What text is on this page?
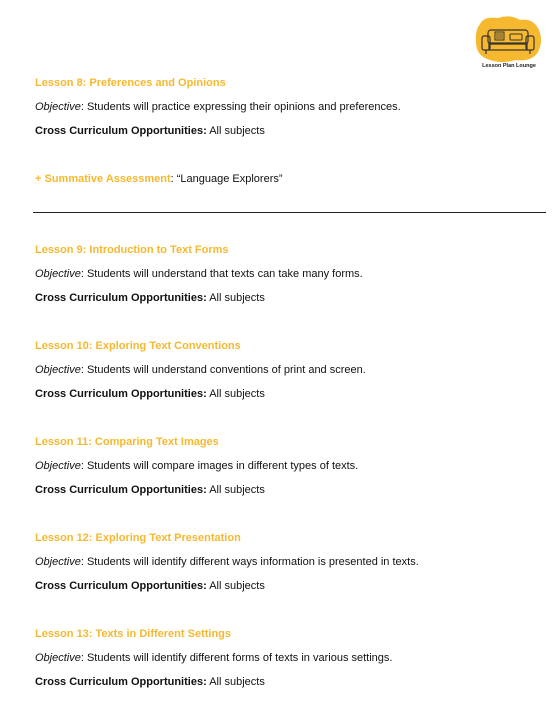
Lesson Plan Lounge
Lesson 8: Preferences and Opinions
Objective: Students will practice expressing their opinions and preferences.
Cross Curriculum Opportunities: All subjects
+ Summative Assessment: “Language Explorers”
Lesson 9: Introduction to Text Forms
Objective: Students will understand that texts can take many forms.
Cross Curriculum Opportunities: All subjects
Lesson 10: Exploring Text Conventions
Objective: Students will understand conventions of print and screen.
Cross Curriculum Opportunities: All subjects
Lesson 11: Comparing Text Images
Objective: Students will compare images in different types of texts.
Cross Curriculum Opportunities: All subjects
Lesson 12: Exploring Text Presentation
Objective: Students will identify different ways information is presented in texts.
Cross Curriculum Opportunities: All subjects
Lesson 13: Texts in Different Settings
Objective: Students will identify different forms of texts in various settings.
Cross Curriculum Opportunities: All subjects
